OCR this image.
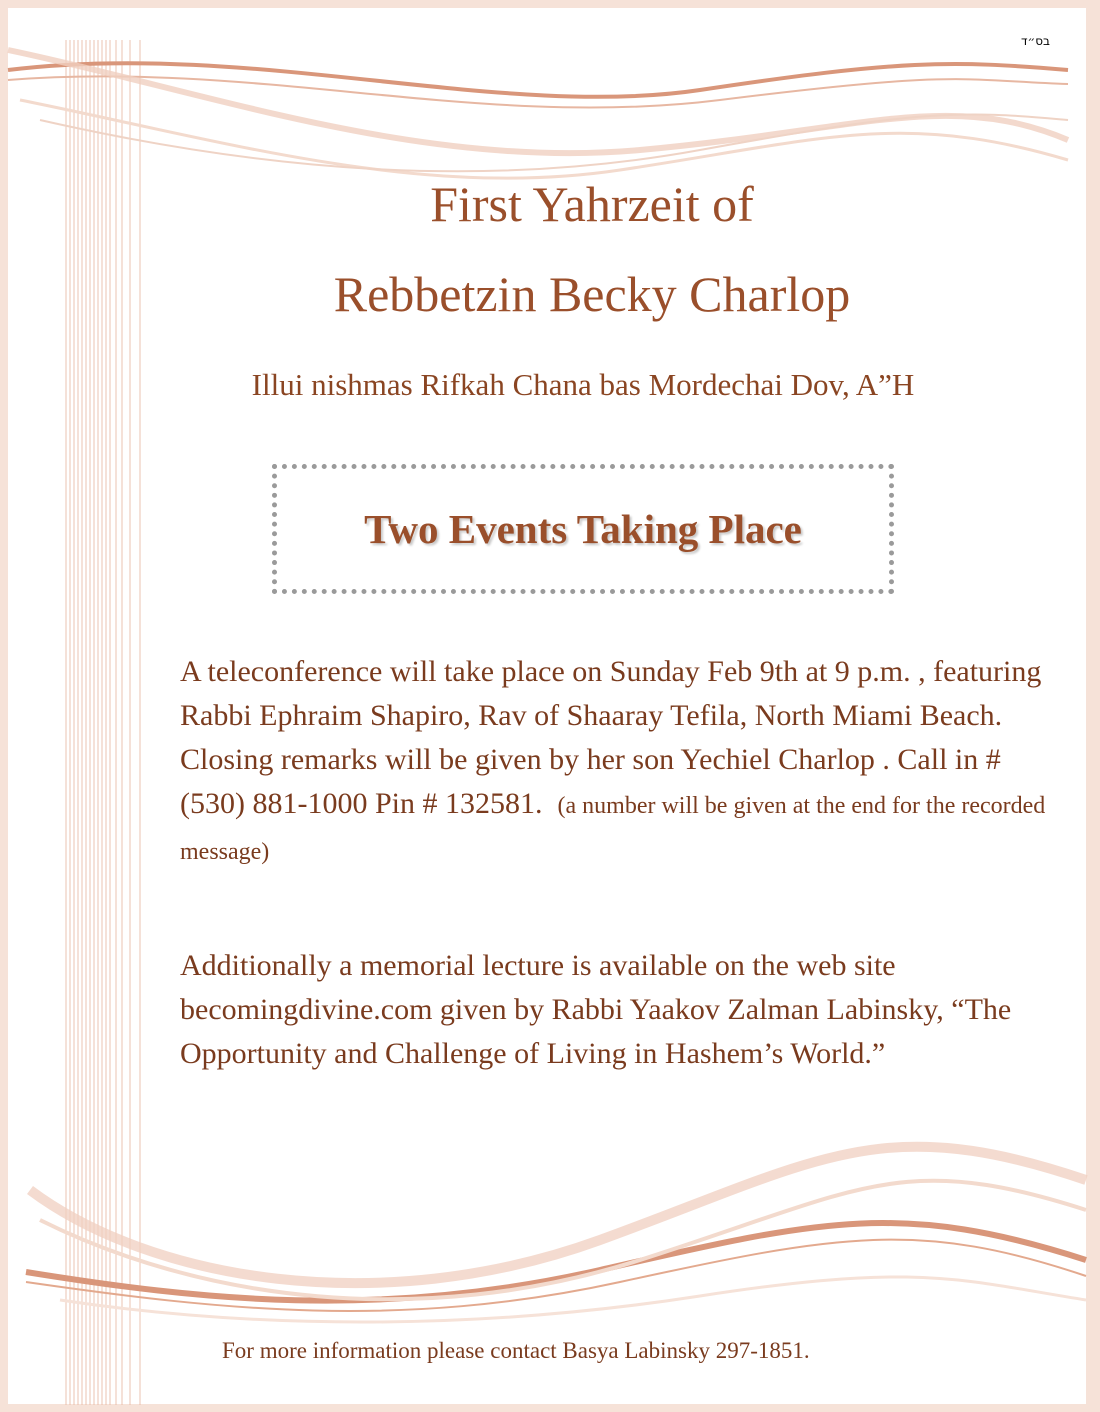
בס״ד
First Yahrzeit of
Rebbetzin Becky Charlop
Illui nishmas Rifkah Chana bas Mordechai Dov, A”H
Two Events Taking Place
A teleconference will take place on Sunday Feb 9th at 9 p.m. , featuring Rabbi Ephraim Shapiro, Rav of Shaaray Tefila, North Miami Beach. Closing remarks will be given by her son Yechiel Charlop . Call in # (530) 881-1000 Pin # 132581. (a number will be given at the end for the recorded message)
Additionally a memorial lecture is available on the web site becomingdivine.com given by Rabbi Yaakov Zalman Labinsky, “The Opportunity and Challenge of Living in Hashem’s World.”
For more information please contact Basya Labinsky 297-1851.
